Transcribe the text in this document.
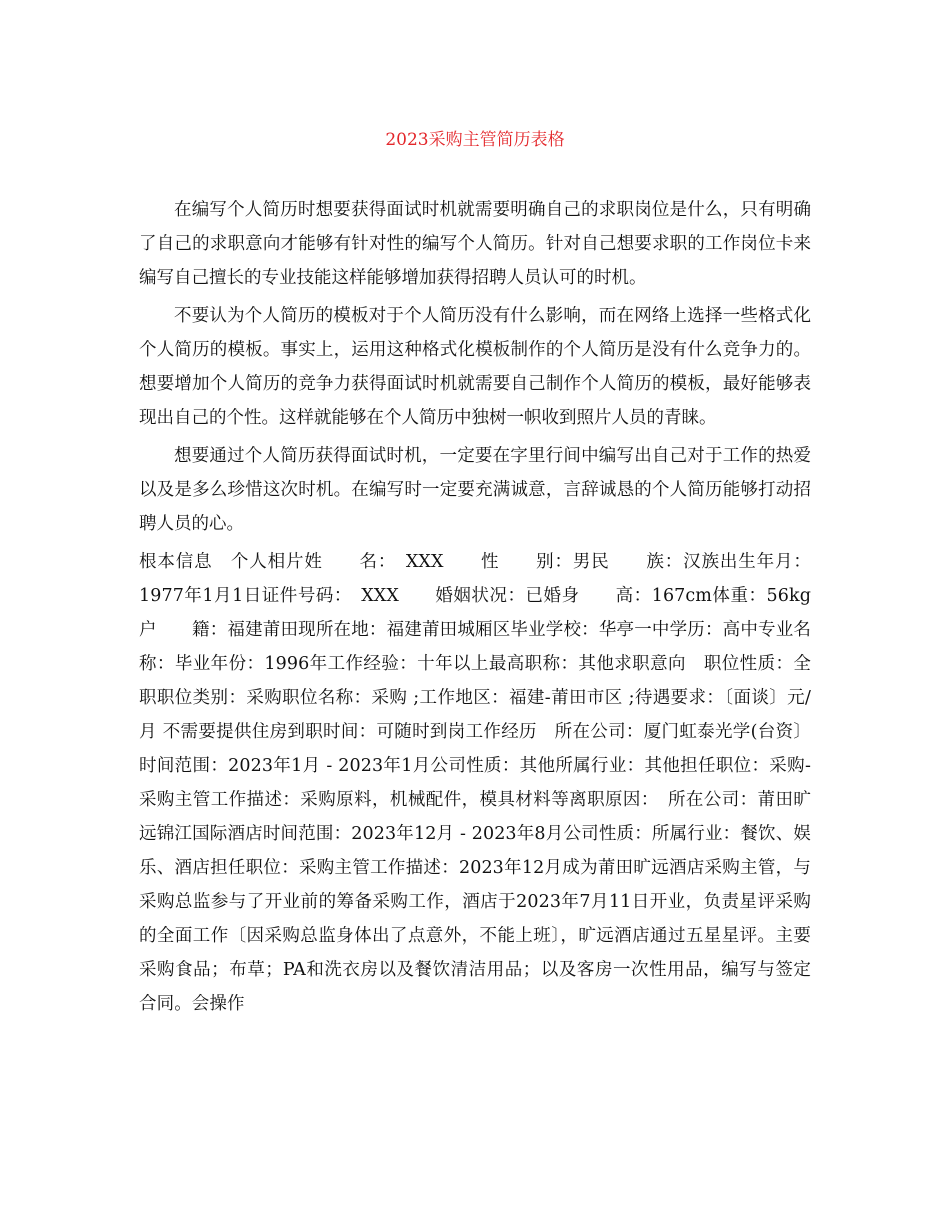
2023采购主管简历表格

在编写个人简历时想要获得面试时机就需要明确自己的求职岗位是什么，只有明确了自己的求职意向才能够有针对性的编写个人简历。针对自己想要求职的工作岗位卡来编写自己擅长的专业技能这样能够增加获得招聘人员认可的时机。

不要认为个人简历的模板对于个人简历没有什么影响，而在网络上选择一些格式化个人简历的模板。事实上，运用这种格式化模板制作的个人简历是没有什么竞争力的。想要增加个人简历的竞争力获得面试时机就需要自己制作个人简历的模板，最好能够表现出自己的个性。这样就能够在个人简历中独树一帜收到照片人员的青睐。

想要通过个人简历获得面试时机，一定要在字里行间中编写出自己对于工作的热爱以及是多么珍惜这次时机。在编写时一定要充满诚意，言辞诚恳的个人简历能够打动招聘人员的心。

根本信息　个人相片姓　　名：　XXX　　性　　别：男民　　族：汉族出生年月：1977年1月1日证件号码：　XXX　　婚姻状况：已婚身　　高：167cm体重：56kg户　　籍：福建莆田现所在地：福建莆田城厢区毕业学校：华亭一中学历：高中专业名称：毕业年份：1996年工作经验：十年以上最高职称：其他求职意向　职位性质：全 职职位类别：采购职位名称：采购 ;工作地区：福建-莆田市区 ;待遇要求：〔面谈〕元/月 不需要提供住房到职时间：可随时到岗工作经历　所在公司：厦门虹泰光学(台资〕时间范围：2023年1月 - 2023年1月公司性质：其他所属行业：其他担任职位：采购-采购主管工作描述：采购原料，机械配件，模具材料等离职原因：　所在公司：莆田旷远锦江国际酒店时间范围：2023年12月 - 2023年8月公司性质：所属行业：餐饮、娱乐、酒店担任职位：采购主管工作描述：2023年12月成为莆田旷远酒店采购主管，与采购总监参与了开业前的筹备采购工作，酒店于2023年7月11日开业，负责星评采购的全面工作〔因采购总监身体出了点意外，不能上班〕，旷远酒店通过五星星评。主要采购食品；布草；PA和洗衣房以及餐饮清洁用品；以及客房一次性用品，编写与签定合同。会操作
